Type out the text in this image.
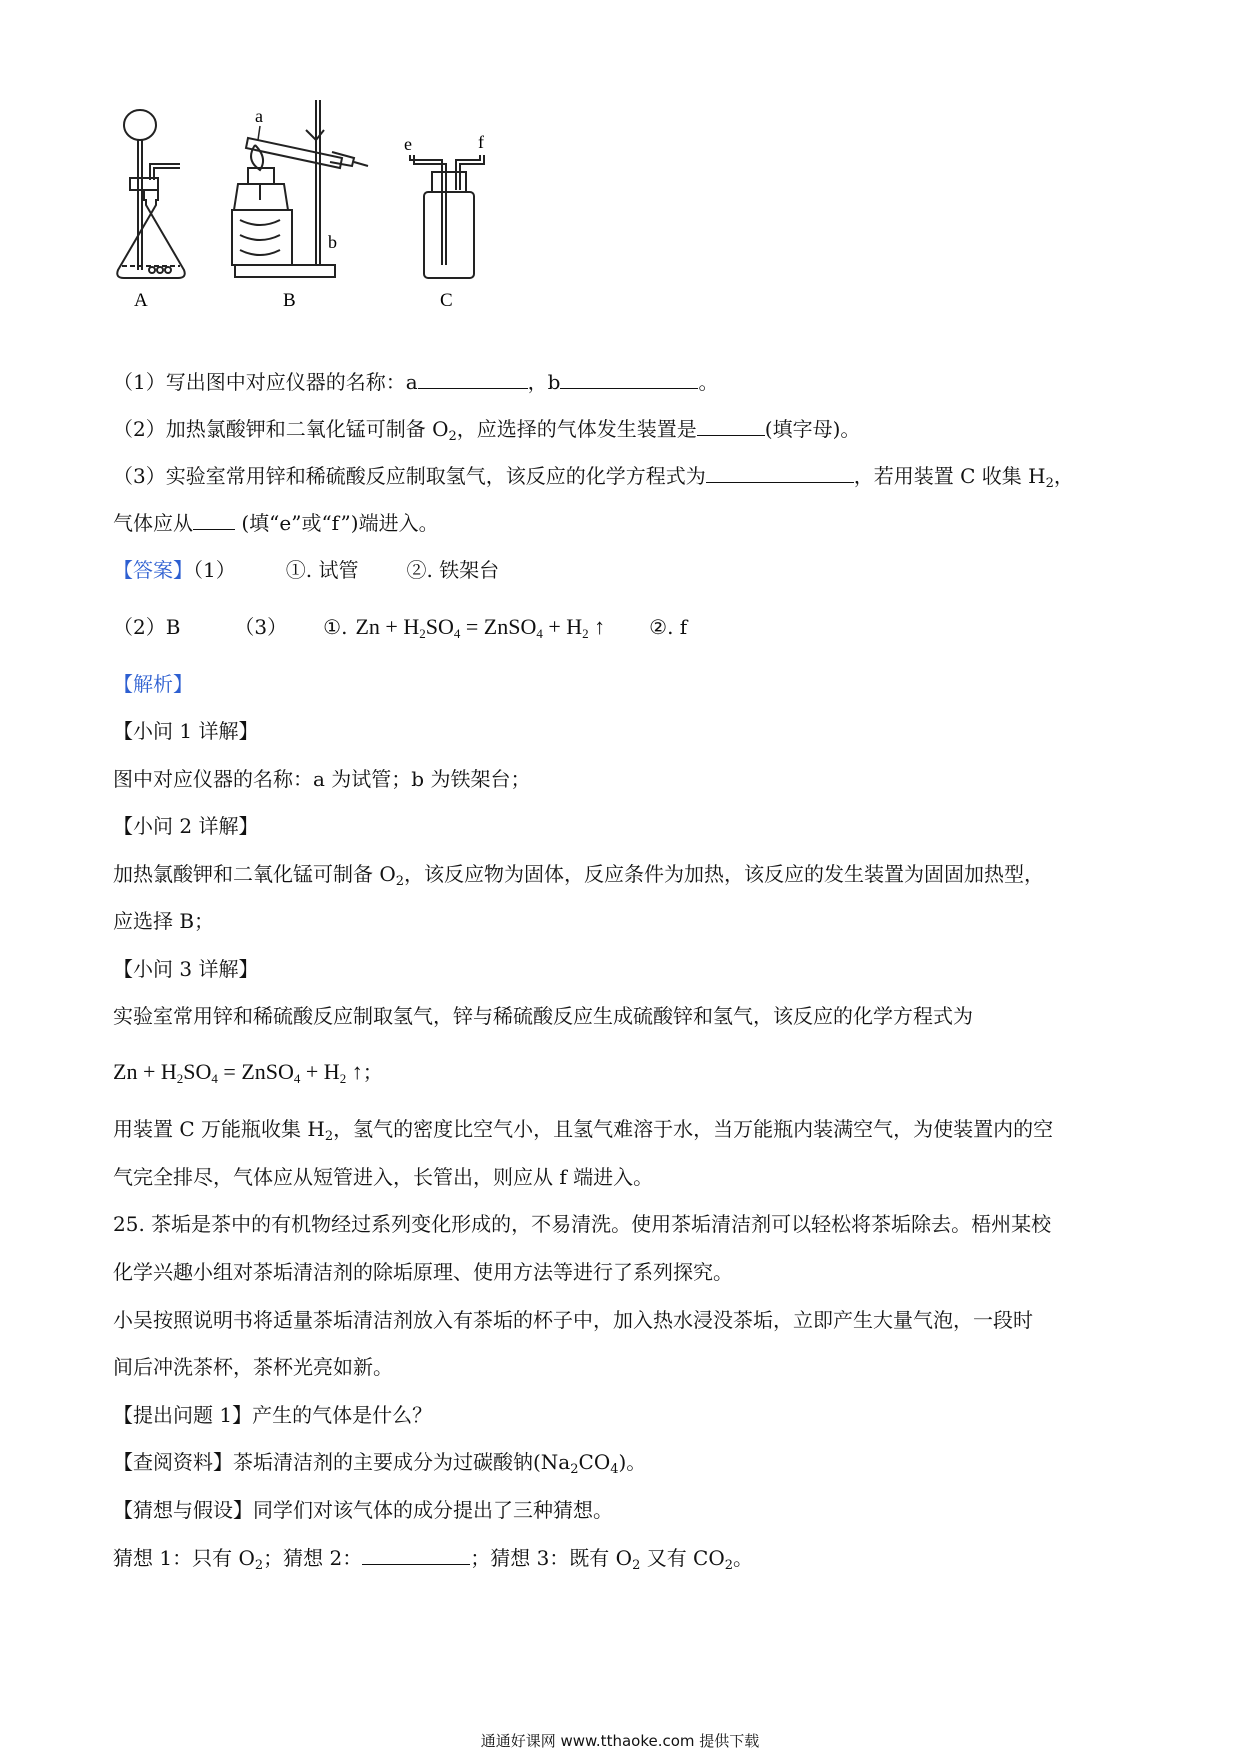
A
a
b
B
e	f
C
（1）写出图中对应仪器的名称：a	，b	。
（2）加热氯酸钾和二氧化锰可制备 $O_2$，应选择的气体发生装置是	(填字母)。
（3）实验室常用锌和稀硫酸反应制取氢气，该反应的化学方程式为	，若用装置 C 收集 $H_2$，
气体应从 (填“e”或“f”)端进入。
【答案】（1）	①. 试管 ②. 铁架台
（2）B	（3） ①. $Zn + H_2SO_4$ = ZnSO$_4$ + $H_2$ ↑ ②. f
【解析】
【小问 1 详解】
图中对应仪器的名称：a 为试管；b 为铁架台；
【小问 2 详解】
加热氯酸钾和二氧化锰可制备 $O_2$，该反应物为固体，反应条件为加热，该反应的发生装置为固固加热型，
应选择 B；
【小问 3 详解】
实验室常用锌和稀硫酸反应制取氢气，锌与稀硫酸反应生成硫酸锌和氢气，该反应的化学方程式为
$Zn + H_2SO_4$ = ZnSO$_4$ + $H_2$ ↑；
用装置 C 万能瓶收集 $H_2$，氢气的密度比空气小，且氢气难溶于水，当万能瓶内装满空气，为使装置内的空
气完全排尽，气体应从短管进入，长管出，则应从 f 端进入。
25. 茶垢是茶中的有机物经过系列变化形成的，不易清洗。使用茶垢清洁剂可以轻松将茶垢除去。梧州某校
化学兴趣小组对茶垢清洁剂的除垢原理、使用方法等进行了系列探究。
小吴按照说明书将适量茶垢清洁剂放入有茶垢的杯子中，加入热水浸没茶垢，立即产生大量气泡，一段时
间后冲洗茶杯，茶杯光亮如新。
【提出问题 1】产生的气体是什么？
【查阅资料】茶垢清洁剂的主要成分为过碳酸钠$(Na_2CO_4)$。
【猜想与假设】同学们对该气体的成分提出了三种猜想。
猜想 1：只有 $O_2$；猜想 2：	；猜想 3：既有 $O_2$ 又有 $CO_2$。
通通好课网 www.tthaoke.com 提供下载
